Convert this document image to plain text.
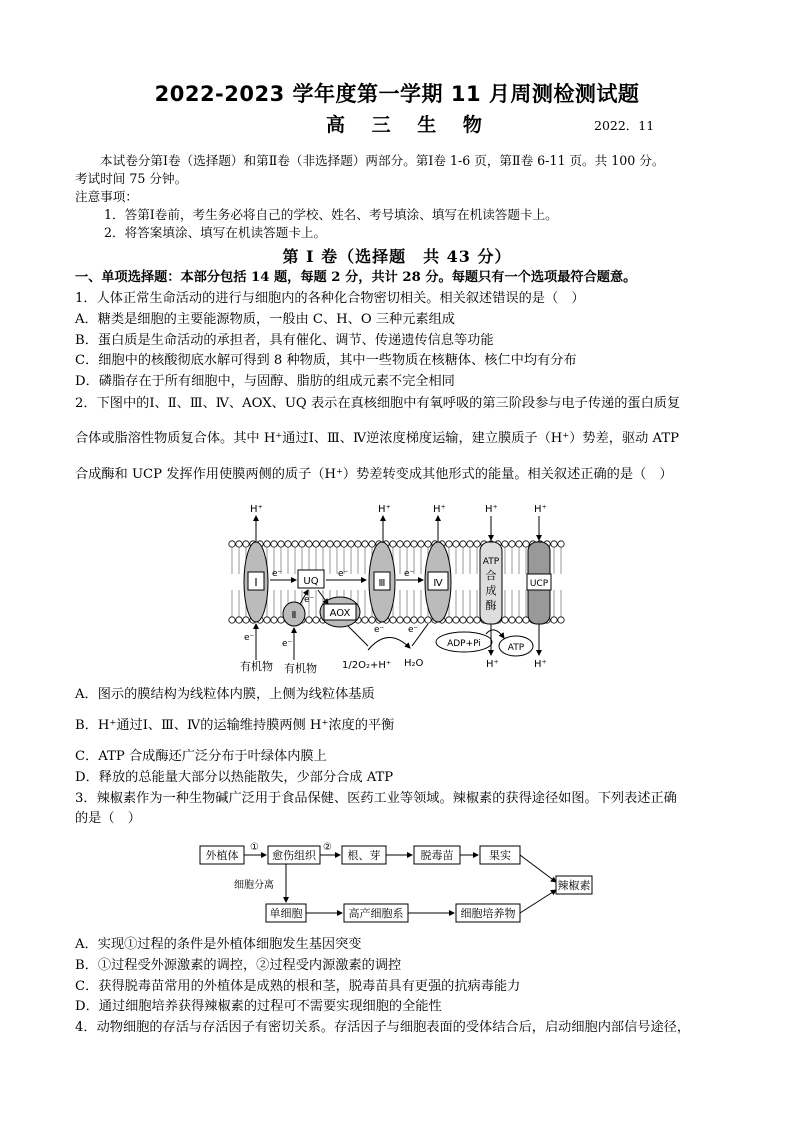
2022-2023 学年度第一学期 11 月周测检测试题
高 三 生 物	2022．11
本试卷分第Ⅰ卷（选择题）和第Ⅱ卷（非选择题）两部分。第Ⅰ卷 1-6 页，第Ⅱ卷 6-11 页。共 100 分。
考试时间 75 分钟。
注意事项：
1．答第Ⅰ卷前，考生务必将自己的学校、姓名、考号填涂、填写在机读答题卡上。
2．将答案填涂、填写在机读答题卡上。
第 Ⅰ 卷（选择题　共 43 分）
一、单项选择题：本部分包括 14 题，每题 2 分，共计 28 分。每题只有一个选项最符合题意。
1．人体正常生命活动的进行与细胞内的各种化合物密切相关。相关叙述错误的是（　）
A．糖类是细胞的主要能源物质，一般由 C、H、O 三种元素组成
B．蛋白质是生命活动的承担者，具有催化、调节、传递遗传信息等功能
C．细胞中的核酸彻底水解可得到 8 种物质，其中一些物质在核糖体、核仁中均有分布
D．磷脂存在于所有细胞中，与固醇、脂肪的组成元素不完全相同
2．下图中的Ⅰ、Ⅱ、Ⅲ、Ⅳ、AOX、UQ 表示在真核细胞中有氧呼吸的第三阶段参与电子传递的蛋白质复
合体或脂溶性物质复合体。其中 H⁺通过Ⅰ、Ⅲ、Ⅳ逆浓度梯度运输，建立膜质子（H⁺）势差，驱动 ATP
合成酶和 UCP 发挥作用使膜两侧的质子（H⁺）势差转变成其他形式的能量。相关叙述正确的是（　）
Ⅰ	UQ
Ⅱ	AOX
Ⅲ	Ⅳ
ATP
合
成
酶
UCP
H⁺	H⁺	H⁺	H⁺	H⁺
e⁻	e⁻	e⁻
e⁻
e⁻
e⁻
有机物 有机物
e⁻	e⁻
1/2O₂+H⁺ H₂O
ADP+Pi	ATP
H⁺	H⁺
A．图示的膜结构为线粒体内膜，上侧为线粒体基质
B．H⁺通过Ⅰ、Ⅲ、Ⅳ的运输维持膜两侧 H⁺浓度的平衡
C．ATP 合成酶还广泛分布于叶绿体内膜上
D．释放的总能量大部分以热能散失，少部分合成 ATP
3．辣椒素作为一种生物碱广泛用于食品保健、医药工业等领域。辣椒素的获得途径如图。下列表述正确
的是（　）
外植体	愈伤组织	根、芽	脱毒苗	果实
辣椒素
单细胞	高产细胞系	细胞培养物
①	②
细胞分离
A．实现①过程的条件是外植体细胞发生基因突变
B．①过程受外源激素的调控，②过程受内源激素的调控
C．获得脱毒苗常用的外植体是成熟的根和茎，脱毒苗具有更强的抗病毒能力
D．通过细胞培养获得辣椒素的过程可不需要实现细胞的全能性
4．动物细胞的存活与存活因子有密切关系。存活因子与细胞表面的受体结合后，启动细胞内部信号途径，
